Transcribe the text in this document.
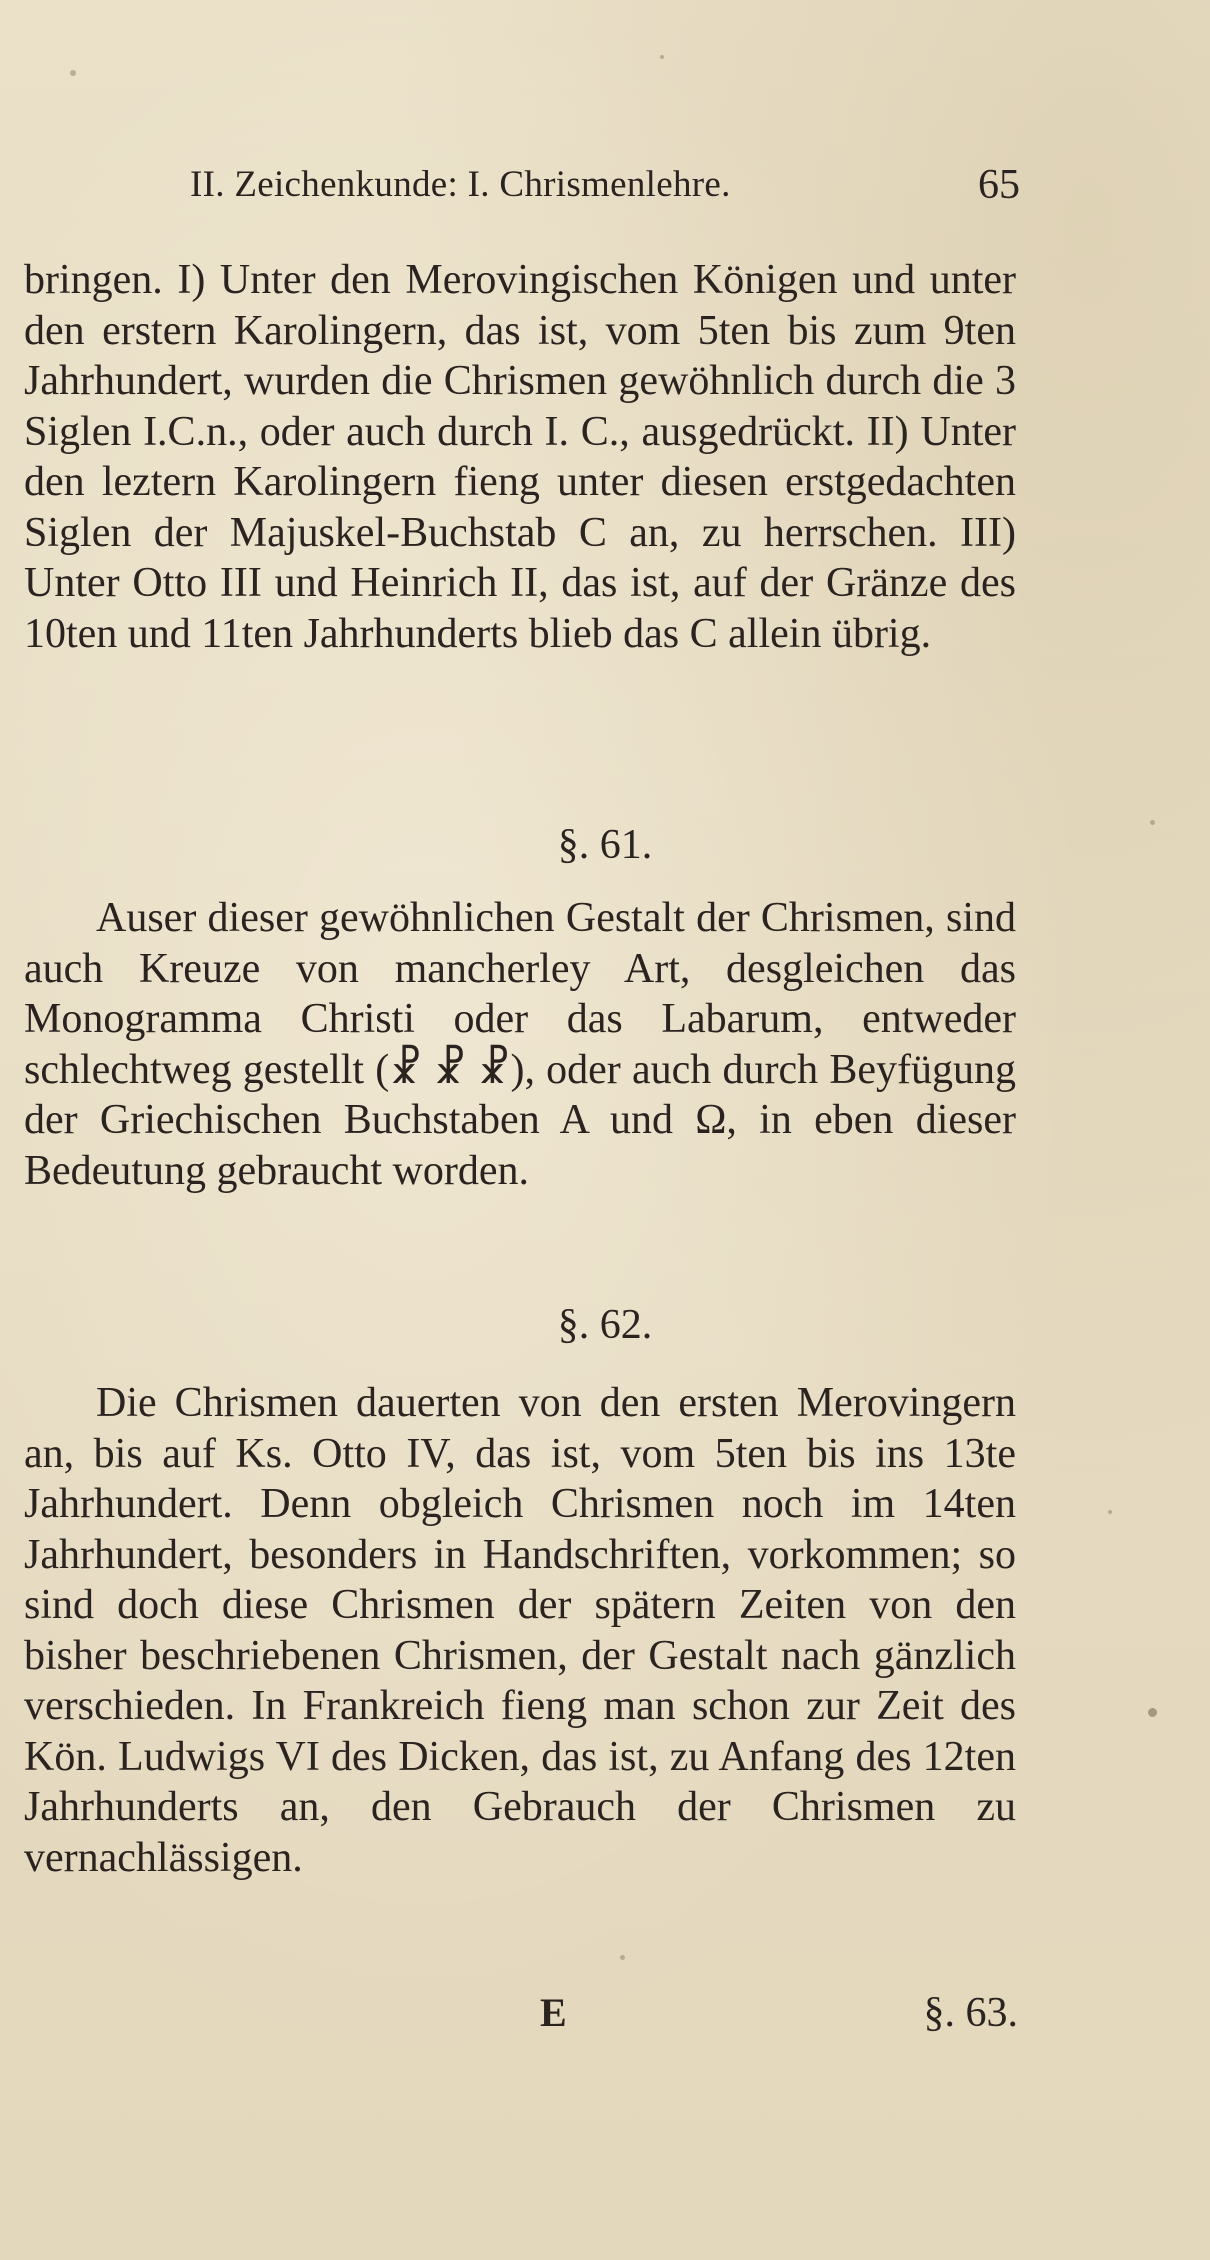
II. Zeichenkunde: I. Chrismenlehre.	65

bringen. I) Unter den Merovingischen Königen und unter den erstern Karolingern, das ist, vom 5ten bis zum 9ten Jahrhundert, wurden die Chrismen gewöhnlich durch die 3 Siglen I.C.n., oder auch durch I. C., ausgedrückt. II) Unter den leztern Karolingern fieng unter diesen erstgedachten Siglen der Majuskel-Buchstab C an, zu herrschen. III) Unter Otto III und Heinrich II, das ist, auf der Gränze des 10ten und 11ten Jahrhunderts blieb das C allein übrig.

§. 61.

Auser dieser gewöhnlichen Gestalt der Chrismen, sind auch Kreuze von mancherley Art, desgleichen das Monogramma Christi oder das Labarum, entweder schlechtweg gestellt (☧ ☧ ☧), oder auch durch Beyfügung der Griechischen Buchstaben A und Ω, in eben dieser Bedeutung gebraucht worden.

§. 62.

Die Chrismen dauerten von den ersten Merovingern an, bis auf Ks. Otto IV, das ist, vom 5ten bis ins 13te Jahrhundert. Denn obgleich Chrismen noch im 14ten Jahrhundert, besonders in Handschriften, vorkommen; so sind doch diese Chrismen der spätern Zeiten von den bisher beschriebenen Chrismen, der Gestalt nach gänzlich verschieden. In Frankreich fieng man schon zur Zeit des Kön. Ludwigs VI des Dicken, das ist, zu Anfang des 12ten Jahrhunderts an, den Gebrauch der Chrismen zu vernachlässigen.

E	§. 63.
